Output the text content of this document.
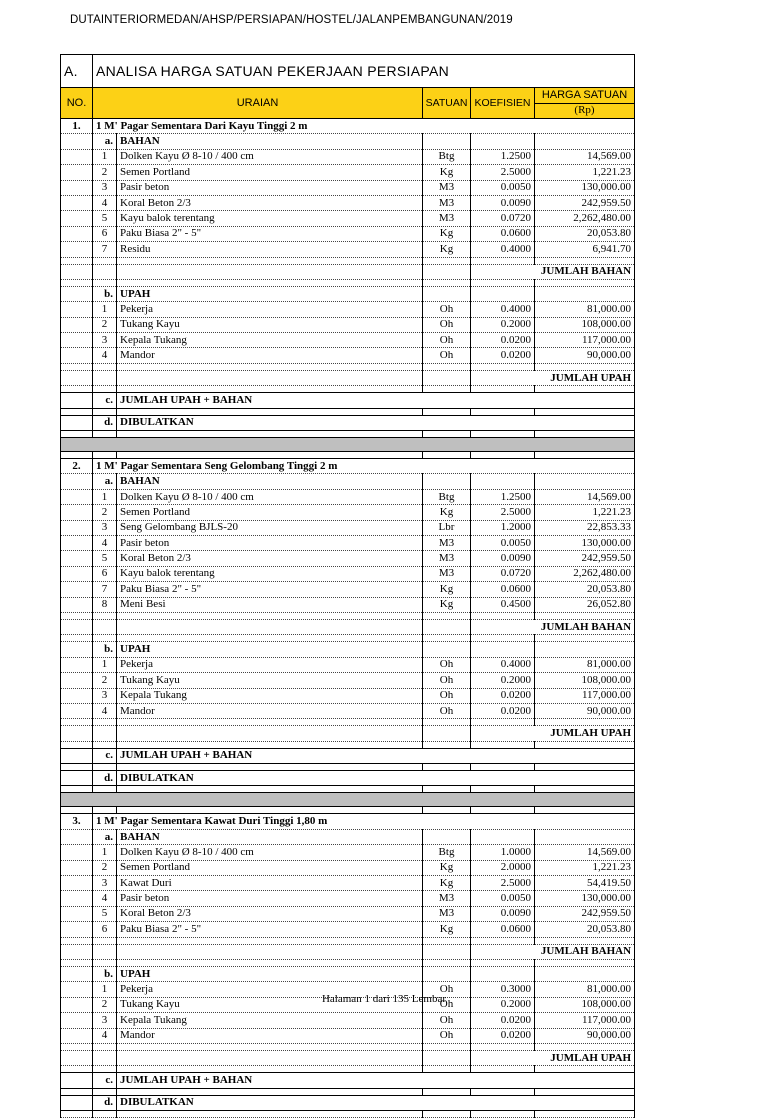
DUTAINTERIORMEDAN/AHSP/PERSIAPAN/HOSTEL/JALANPEMBANGUNAN/2019
A.	ANALISA HARGA SATUAN PEKERJAAN PERSIAPAN				
NO.	URAIAN		SATUAN	KOEFISIEN	HARGA SATUAN
					(Rp)
1.	1 M' Pagar Sementara Dari Kayu Tinggi 2 m				
	a.	BAHAN			
	1	Dolken Kayu Ø 8-10 / 400 cm	Btg	1.2500	14,569.00
	2	Semen Portland	Kg	2.5000	1,221.23
	3	Pasir beton	M3	0.0050	130,000.00
	4	Koral Beton 2/3	M3	0.0090	242,959.50
	5	Kayu balok terentang	M3	0.0720	2,262,480.00
	6	Paku Biasa 2" - 5"	Kg	0.0600	20,053.80
	7	Residu	Kg	0.4000	6,941.70

				JUMLAH BAHAN	

	b.	UPAH			
	1	Pekerja	Oh	0.4000	81,000.00
	2	Tukang Kayu	Oh	0.2000	108,000.00
	3	Kepala Tukang	Oh	0.0200	117,000.00
	4	Mandor	Oh	0.0200	90,000.00

				JUMLAH UPAH	

	c.	JUMLAH UPAH + BAHAN			

	d.	DIBULATKAN			

2.	1 M' Pagar Sementara Seng Gelombang Tinggi 2 m				
	a.	BAHAN			
	1	Dolken Kayu Ø 8-10 / 400 cm	Btg	1.2500	14,569.00
	2	Semen Portland	Kg	2.5000	1,221.23
	3	Seng Gelombang BJLS-20	Lbr	1.2000	22,853.33
	4	Pasir beton	M3	0.0050	130,000.00
	5	Koral Beton 2/3	M3	0.0090	242,959.50
	6	Kayu balok terentang	M3	0.0720	2,262,480.00
	7	Paku Biasa 2" - 5"	Kg	0.0600	20,053.80
	8	Meni Besi	Kg	0.4500	26,052.80

				JUMLAH BAHAN	

	b.	UPAH			
	1	Pekerja	Oh	0.4000	81,000.00
	2	Tukang Kayu	Oh	0.2000	108,000.00
	3	Kepala Tukang	Oh	0.0200	117,000.00
	4	Mandor	Oh	0.0200	90,000.00

				JUMLAH UPAH	

	c.	JUMLAH UPAH + BAHAN			

	d.	DIBULATKAN			

3.	1 M' Pagar Sementara Kawat Duri Tinggi 1,80 m				
	a.	BAHAN			
	1	Dolken Kayu Ø 8-10 / 400 cm	Btg	1.0000	14,569.00
	2	Semen Portland	Kg	2.0000	1,221.23
	3	Kawat Duri	Kg	2.5000	54,419.50
	4	Pasir beton	M3	0.0050	130,000.00
	5	Koral Beton 2/3	M3	0.0090	242,959.50
	6	Paku Biasa 2" - 5"	Kg	0.0600	20,053.80

				JUMLAH BAHAN	

	b.	UPAH			
	1	Pekerja	Oh	0.3000	81,000.00
	2	Tukang Kayu	Oh	0.2000	108,000.00
	3	Kepala Tukang	Oh	0.0200	117,000.00
	4	Mandor	Oh	0.0200	90,000.00

				JUMLAH UPAH	

	c.	JUMLAH UPAH + BAHAN			

	d.	DIBULATKAN			

Halaman 1 dari 135 Lembar
